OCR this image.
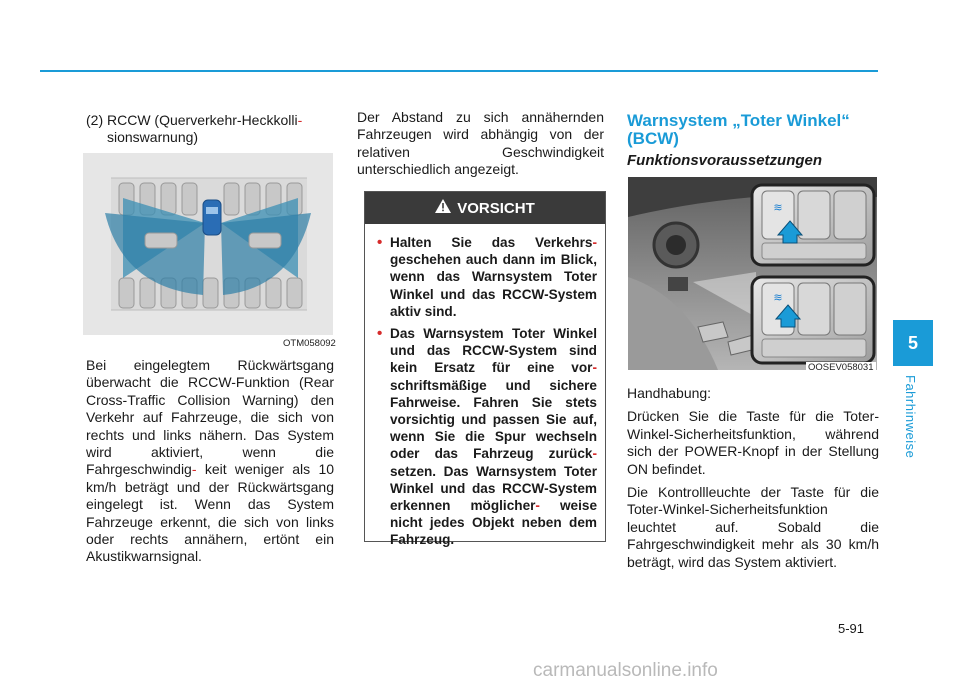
(2) RCCW (Querverkehr-Heckkolli-
sionswarnung)
OTM058092

Bei eingelegtem Rückwärtsgang überwacht die RCCW-Funktion (Rear Cross-Traffic Collision Warning) den Verkehr auf Fahrzeuge, die sich von rechts und links nähern. Das System wird aktiviert, wenn die Fahrgeschwindig- keit weniger als 10 km/h beträgt und der Rückwärtsgang eingelegt ist. Wenn das System Fahrzeuge erkennt, die sich von links oder rechts annähern, ertönt ein Akustikwarnsignal.

Der Abstand zu sich annähernden Fahrzeugen wird abhängig von der relativen Geschwindigkeit unterschiedlich angezeigt.

VORSICHT
• Halten Sie das Verkehrs- geschehen auch dann im Blick, wenn das Warnsystem Toter Winkel und das RCCW-System aktiv sind.
• Das Warnsystem Toter Winkel und das RCCW-System sind kein Ersatz für eine vor- schriftsmäßige und sichere Fahrweise. Fahren Sie stets vorsichtig und passen Sie auf, wenn Sie die Spur wechseln oder das Fahrzeug zurück- setzen. Das Warnsystem Toter Winkel und das RCCW-System erkennen möglicher- weise nicht jedes Objekt neben dem Fahrzeug.
Warnsystem „Toter Winkel“
(BCW)
Funktionsvoraussetzungen
≋
≋
OOSEV058031

Handhabung:

Drücken Sie die Taste für die Toter-Winkel-Sicherheitsfunktion, während sich der POWER-Knopf in der Stellung ON befindet.

Die Kontrollleuchte der Taste für die Toter-Winkel-Sicherheitsfunktion leuchtet auf. Sobald die Fahrgeschwindigkeit mehr als 30 km/h beträgt, wird das System aktiviert.

5
Fahrhinweise
5-91
carmanualsonline.info
